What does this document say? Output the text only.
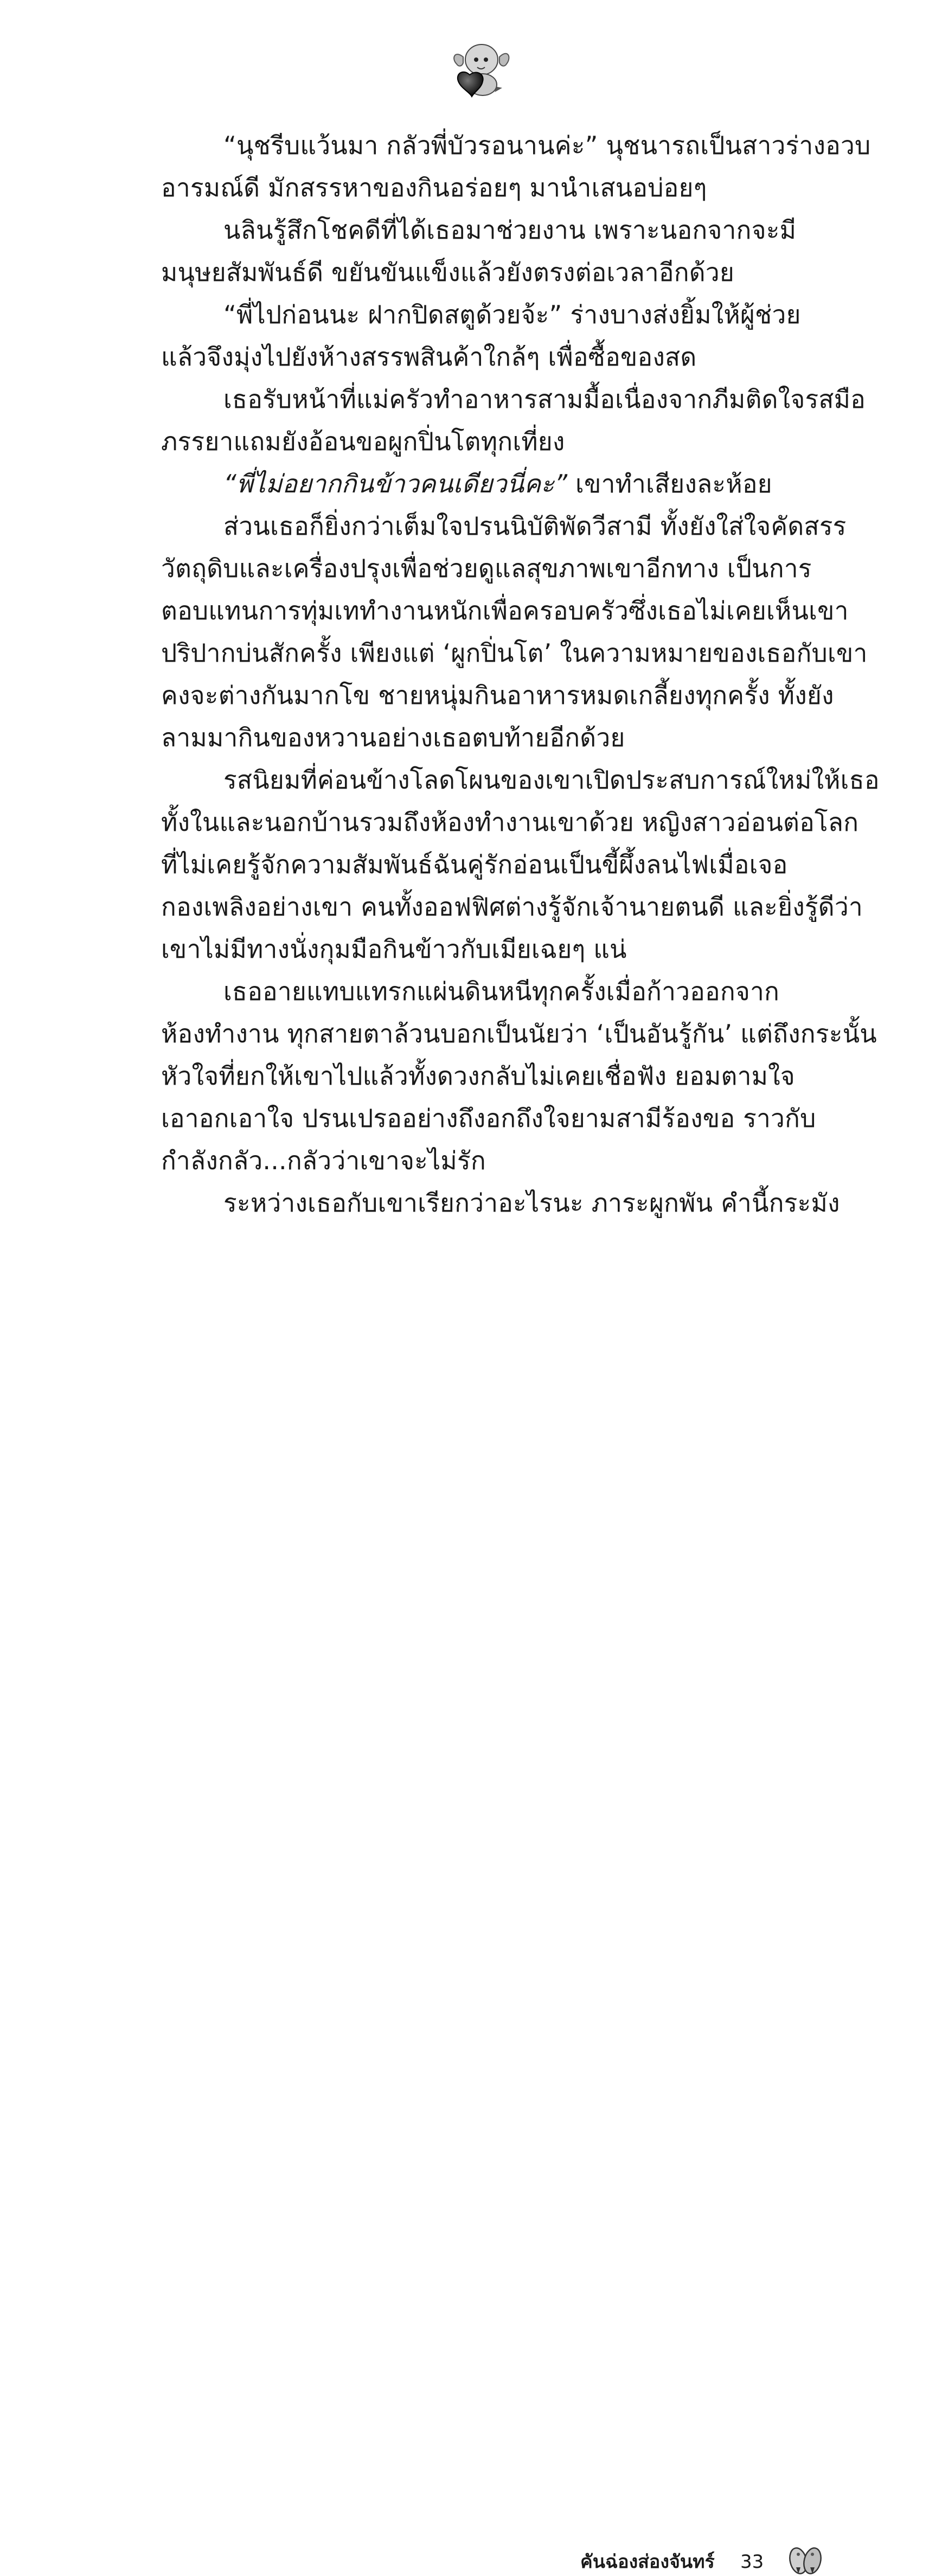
“นุชรีบแว้นมา กลัวพี่บัวรอนานค่ะ” นุชนารถเป็นสาวร่างอวบ
อารมณ์ดี มักสรรหาของกินอร่อยๆ มานำเสนอบ่อยๆ
นลินรู้สึกโชคดีที่ได้เธอมาช่วยงาน เพราะนอกจากจะมี
มนุษยสัมพันธ์ดี ขยันขันแข็งแล้วยังตรงต่อเวลาอีกด้วย
“พี่ไปก่อนนะ ฝากปิดสตูด้วยจ้ะ” ร่างบางส่งยิ้มให้ผู้ช่วย
แล้วจึงมุ่งไปยังห้างสรรพสินค้าใกล้ๆ เพื่อซื้อของสด
เธอรับหน้าที่แม่ครัวทำอาหารสามมื้อเนื่องจากภีมติดใจรสมือ
ภรรยาแถมยังอ้อนขอผูกปิ่นโตทุกเที่ยง
“พี่ไม่อยากกินข้าวคนเดียวนี่คะ” เขาทำเสียงละห้อย
ส่วนเธอก็ยิ่งกว่าเต็มใจปรนนิบัติพัดวีสามี ทั้งยังใส่ใจคัดสรร
วัตถุดิบและเครื่องปรุงเพื่อช่วยดูแลสุขภาพเขาอีกทาง เป็นการ
ตอบแทนการทุ่มเททำงานหนักเพื่อครอบครัวซึ่งเธอไม่เคยเห็นเขา
ปริปากบ่นสักครั้ง เพียงแต่ ‘ผูกปิ่นโต’ ในความหมายของเธอกับเขา
คงจะต่างกันมากโข ชายหนุ่มกินอาหารหมดเกลี้ยงทุกครั้ง ทั้งยัง
ลามมากินของหวานอย่างเธอตบท้ายอีกด้วย
รสนิยมที่ค่อนข้างโลดโผนของเขาเปิดประสบการณ์ใหม่ให้เธอ
ทั้งในและนอกบ้านรวมถึงห้องทำงานเขาด้วย หญิงสาวอ่อนต่อโลก
ที่ไม่เคยรู้จักความสัมพันธ์ฉันคู่รักอ่อนเป็นขี้ผึ้งลนไฟเมื่อเจอ
กองเพลิงอย่างเขา คนทั้งออฟฟิศต่างรู้จักเจ้านายตนดี และยิ่งรู้ดีว่า
เขาไม่มีทางนั่งกุมมือกินข้าวกับเมียเฉยๆ แน่
เธออายแทบแทรกแผ่นดินหนีทุกครั้งเมื่อก้าวออกจาก
ห้องทำงาน ทุกสายตาล้วนบอกเป็นนัยว่า ‘เป็นอันรู้กัน’ แต่ถึงกระนั้น
หัวใจที่ยกให้เขาไปแล้วทั้งดวงกลับไม่เคยเชื่อฟัง ยอมตามใจ
เอาอกเอาใจ ปรนเปรออย่างถึงอกถึงใจยามสามีร้องขอ ราวกับ
กำลังกลัว...กลัวว่าเขาจะไม่รัก
ระหว่างเธอกับเขาเรียกว่าอะไรนะ ภาระผูกพัน คำนี้กระมัง
คันฉ่องส่องจันทร์ 33
